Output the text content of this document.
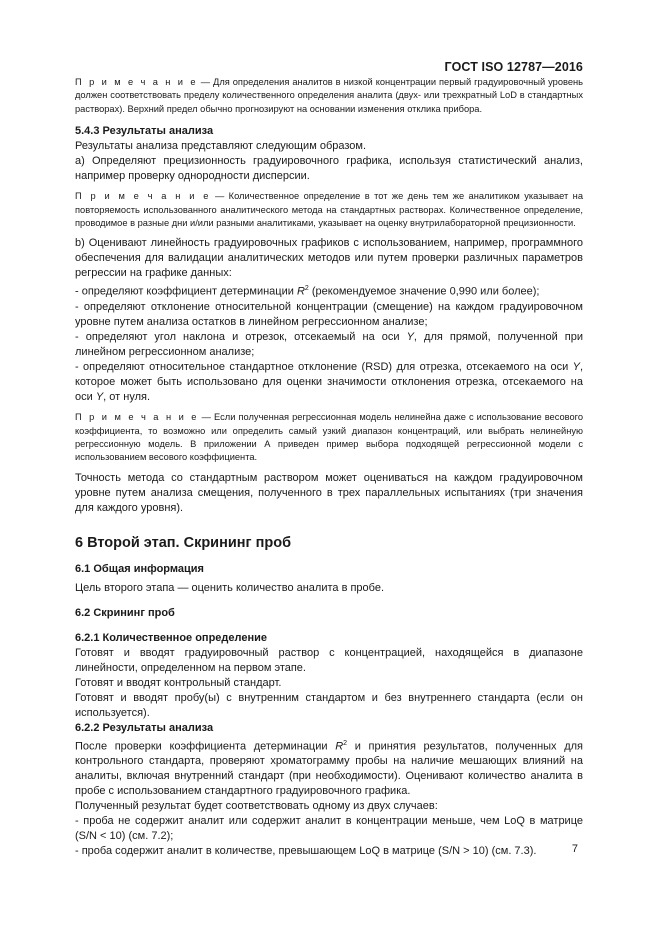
ГОСТ ISO 12787—2016

П р и м е ч а н и е — Для определения аналитов в низкой концентрации первый градуировочный уровень должен соответствовать пределу количественного определения аналита (двух- или трехкратный LoD в стандартных растворах). Верхний предел обычно прогнозируют на основании изменения отклика прибора.

5.4.3 Результаты анализа

Результаты анализа представляют следующим образом.

а) Определяют прецизионность градуировочного графика, используя статистический анализ, например проверку однородности дисперсии.

П р и м е ч а н и е — Количественное определение в тот же день тем же аналитиком указывает на повторяемость использованного аналитического метода на стандартных растворах. Количественное определение, проводимое в разные дни и/или разными аналитиками, указывает на оценку внутрилабораторной прецизионности.

b) Оценивают линейность градуировочных графиков с использованием, например, программного обеспечения для валидации аналитических методов или путем проверки различных параметров регрессии на графике данных:

- определяют коэффициент детерминации $R^2$ (рекомендуемое значение 0,990 или более);

- определяют отклонение относительной концентрации (смещение) на каждом градуировочном уровне путем анализа остатков в линейном регрессионном анализе;

- определяют угол наклона и отрезок, отсекаемый на оси Y, для прямой, полученной при линейном регрессионном анализе;

- определяют относительное стандартное отклонение (RSD) для отрезка, отсекаемого на оси Y, которое может быть использовано для оценки значимости отклонения отрезка, отсекаемого на оси Y, от нуля.

П р и м е ч а н и е — Если полученная регрессионная модель нелинейна даже с использование весового коэффициента, то возможно или определить самый узкий диапазон концентраций, или выбрать нелинейную регрессионную модель. В приложении А приведен пример выбора подходящей регрессионной модели с использованием весового коэффициента.

Точность метода со стандартным раствором может оцениваться на каждом градуировочном уровне путем анализа смещения, полученного в трех параллельных испытаниях (три значения для каждого уровня).

6 Второй этап. Скрининг проб

6.1 Общая информация

Цель второго этапа — оценить количество аналита в пробе.

6.2 Скрининг проб

6.2.1 Количественное определение

Готовят и вводят градуировочный раствор с концентрацией, находящейся в диапазоне линейности, определенном на первом этапе.

Готовят и вводят контрольный стандарт.

Готовят и вводят пробу(ы) с внутренним стандартом и без внутреннего стандарта (если он используется).

6.2.2 Результаты анализа

После проверки коэффициента детерминации $R^2$ и принятия результатов, полученных для контрольного стандарта, проверяют хроматограмму пробы на наличие мешающих влияний на аналиты, включая внутренний стандарт (при необходимости). Оценивают количество аналита в пробе с использованием стандартного градуировочного графика.

Полученный результат будет соответствовать одному из двух случаев:

- проба не содержит аналит или содержит аналит в концентрации меньше, чем LoQ в матрице (S/N < 10) (см. 7.2);

- проба содержит аналит в количестве, превышающем LoQ в матрице (S/N > 10) (см. 7.3).	7
